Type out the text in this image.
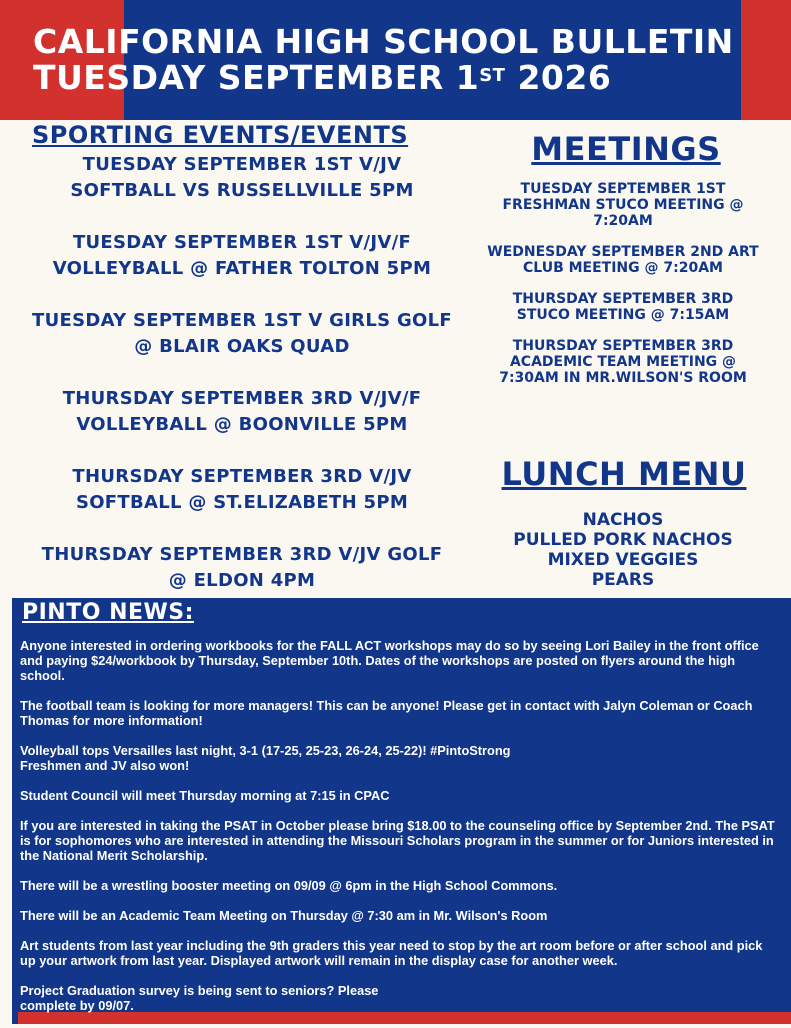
CALIFORNIA HIGH SCHOOL BULLETIN
TUESDAY SEPTEMBER 1ST 2026
SPORTING EVENTS/EVENTS
TUESDAY SEPTEMBER 1ST V/JV
SOFTBALL VS RUSSELLVILLE 5PM
TUESDAY SEPTEMBER 1ST V/JV/F
VOLLEYBALL @ FATHER TOLTON 5PM
TUESDAY SEPTEMBER 1ST V GIRLS GOLF
@ BLAIR OAKS QUAD
THURSDAY SEPTEMBER 3RD V/JV/F
VOLLEYBALL @ BOONVILLE 5PM
THURSDAY SEPTEMBER 3RD V/JV
SOFTBALL @ ST.ELIZABETH 5PM
THURSDAY SEPTEMBER 3RD V/JV GOLF
@ ELDON 4PM
MEETINGS
TUESDAY SEPTEMBER 1ST
FRESHMAN STUCO MEETING @
7:20AM
WEDNESDAY SEPTEMBER 2ND ART
CLUB MEETING @ 7:20AM
THURSDAY SEPTEMBER 3RD
STUCO MEETING @ 7:15AM
THURSDAY SEPTEMBER 3RD
ACADEMIC TEAM MEETING @
7:30AM IN MR.WILSON'S ROOM
LUNCH MENU
NACHOS
PULLED PORK NACHOS
MIXED VEGGIES
PEARS
PINTO NEWS:
Anyone interested in ordering workbooks for the FALL ACT workshops may do so by seeing Lori Bailey in the front office and paying $24/workbook by Thursday, September 10th. Dates of the workshops are posted on flyers around the high school.
The football team is looking for more managers! This can be anyone! Please get in contact with Jalyn Coleman or Coach Thomas for more information!
Volleyball tops Versailles last night, 3-1 (17-25, 25-23, 26-24, 25-22)! #PintoStrong
Freshmen and JV also won!
Student Council will meet Thursday morning at 7:15 in CPAC
If you are interested in taking the PSAT in October please bring $18.00 to the counseling office by September 2nd. The PSAT is for sophomores who are interested in attending the Missouri Scholars program in the summer or for Juniors interested in the National Merit Scholarship.
There will be a wrestling booster meeting on 09/09 @ 6pm in the High School Commons.
There will be an Academic Team Meeting on Thursday @ 7:30 am in Mr. Wilson's Room
Art students from last year including the 9th graders this year need to stop by the art room before or after school and pick up your artwork from last year. Displayed artwork will remain in the display case for another week.
Project Graduation survey is being sent to seniors? Please
complete by 09/07.
